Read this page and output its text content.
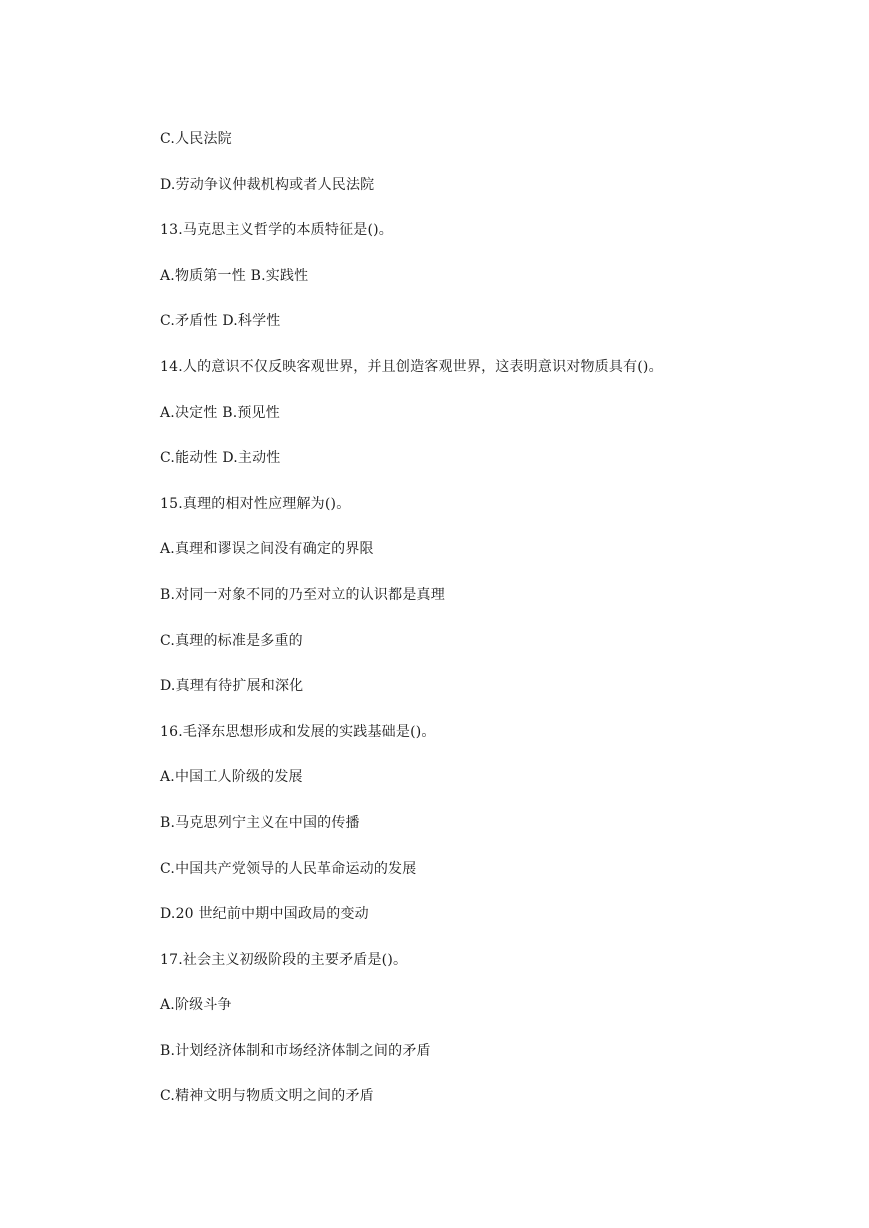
C.人民法院
D.劳动争议仲裁机构或者人民法院
13.马克思主义哲学的本质特征是()。
A.物质第一性 B.实践性
C.矛盾性 D.科学性
14.人的意识不仅反映客观世界，并且创造客观世界，这表明意识对物质具有()。
A.决定性 B.预见性
C.能动性 D.主动性
15.真理的相对性应理解为()。
A.真理和谬误之间没有确定的界限
B.对同一对象不同的乃至对立的认识都是真理
C.真理的标准是多重的
D.真理有待扩展和深化
16.毛泽东思想形成和发展的实践基础是()。
A.中国工人阶级的发展
B.马克思列宁主义在中国的传播
C.中国共产党领导的人民革命运动的发展
D.20 世纪前中期中国政局的变动
17.社会主义初级阶段的主要矛盾是()。
A.阶级斗争
B.计划经济体制和市场经济体制之间的矛盾
C.精神文明与物质文明之间的矛盾
